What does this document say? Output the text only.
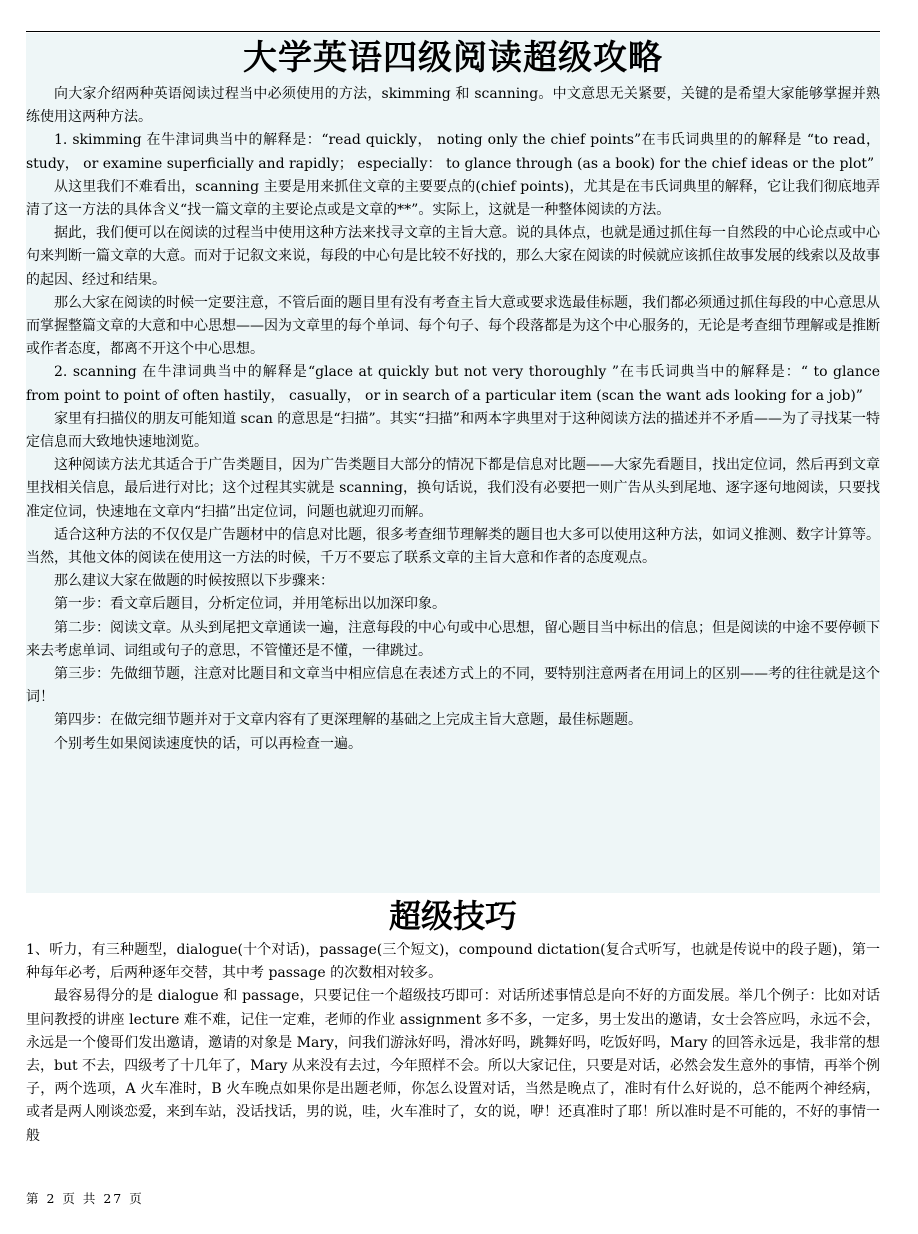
大学英语四级阅读超级攻略

向大家介绍两种英语阅读过程当中必须使用的方法，skimming 和 scanning。中文意思无关紧要，关键的是希望大家能够掌握并熟练使用这两种方法。

1. skimming 在牛津词典当中的解释是：“read quickly， noting only the chief points”在韦氏词典里的的解释是 “to read， study， or examine superficially and rapidly； especially： to glance through (as a book) for the chief ideas or the plot”

从这里我们不难看出，scanning 主要是用来抓住文章的主要要点的(chief points)，尤其是在韦氏词典里的解释，它让我们彻底地弄清了这一方法的具体含义“找一篇文章的主要论点或是文章的**”。实际上，这就是一种整体阅读的方法。

据此，我们便可以在阅读的过程当中使用这种方法来找寻文章的主旨大意。说的具体点，也就是通过抓住每一自然段的中心论点或中心句来判断一篇文章的大意。而对于记叙文来说，每段的中心句是比较不好找的，那么大家在阅读的时候就应该抓住故事发展的线索以及故事的起因、经过和结果。

那么大家在阅读的时候一定要注意，不管后面的题目里有没有考查主旨大意或要求选最佳标题，我们都必须通过抓住每段的中心意思从而掌握整篇文章的大意和中心思想——因为文章里的每个单词、每个句子、每个段落都是为这个中心服务的，无论是考查细节理解或是推断或作者态度，都离不开这个中心思想。

2. scanning 在牛津词典当中的解释是“glace at quickly but not very thoroughly ”在韦氏词典当中的解释是：“ to glance from point to point of often hastily， casually， or in search of a particular item (scan the want ads looking for a job)”

家里有扫描仪的朋友可能知道 scan 的意思是“扫描”。其实“扫描”和两本字典里对于这种阅读方法的描述并不矛盾——为了寻找某一特定信息而大致地快速地浏览。

这种阅读方法尤其适合于广告类题目，因为广告类题目大部分的情况下都是信息对比题——大家先看题目，找出定位词，然后再到文章里找相关信息，最后进行对比；这个过程其实就是 scanning，换句话说，我们没有必要把一则广告从头到尾地、逐字逐句地阅读，只要找准定位词，快速地在文章内“扫描”出定位词，问题也就迎刃而解。

适合这种方法的不仅仅是广告题材中的信息对比题，很多考查细节理解类的题目也大多可以使用这种方法，如词义推测、数字计算等。当然，其他文体的阅读在使用这一方法的时候，千万不要忘了联系文章的主旨大意和作者的态度观点。

那么建议大家在做题的时候按照以下步骤来：

第一步：看文章后题目，分析定位词，并用笔标出以加深印象。

第二步：阅读文章。从头到尾把文章通读一遍，注意每段的中心句或中心思想，留心题目当中标出的信息；但是阅读的中途不要停顿下来去考虑单词、词组或句子的意思，不管懂还是不懂，一律跳过。

第三步：先做细节题，注意对比题目和文章当中相应信息在表述方式上的不同，要特别注意两者在用词上的区别——考的往往就是这个词！

第四步：在做完细节题并对于文章内容有了更深理解的基础之上完成主旨大意题，最佳标题题。

个别考生如果阅读速度快的话，可以再检查一遍。

超级技巧

1、听力，有三种题型，dialogue(十个对话)，passage(三个短文)，compound dictation(复合式听写，也就是传说中的段子题)，第一种每年必考，后两种逐年交替，其中考 passage 的次数相对较多。

最容易得分的是 dialogue 和 passage，只要记住一个超级技巧即可：对话所述事情总是向不好的方面发展。举几个例子：比如对话里问教授的讲座 lecture 难不难，记住一定难，老师的作业 assignment 多不多，一定多，男士发出的邀请，女士会答应吗，永远不会，永远是一个傻哥们发出邀请，邀请的对象是 Mary，问我们游泳好吗，滑冰好吗，跳舞好吗，吃饭好吗，Mary 的回答永远是，我非常的想去，but 不去，四级考了十几年了，Mary 从来没有去过，今年照样不会。所以大家记住，只要是对话，必然会发生意外的事情，再举个例子，两个选项，A 火车准时，B 火车晚点如果你是出题老师，你怎么设置对话，当然是晚点了，准时有什么好说的，总不能两个神经病，或者是两人刚谈恋爱，来到车站，没话找话，男的说，哇，火车准时了，女的说，咿！还真准时了耶！所以准时是不可能的，不好的事情一般

第 2 页 共 27 页
